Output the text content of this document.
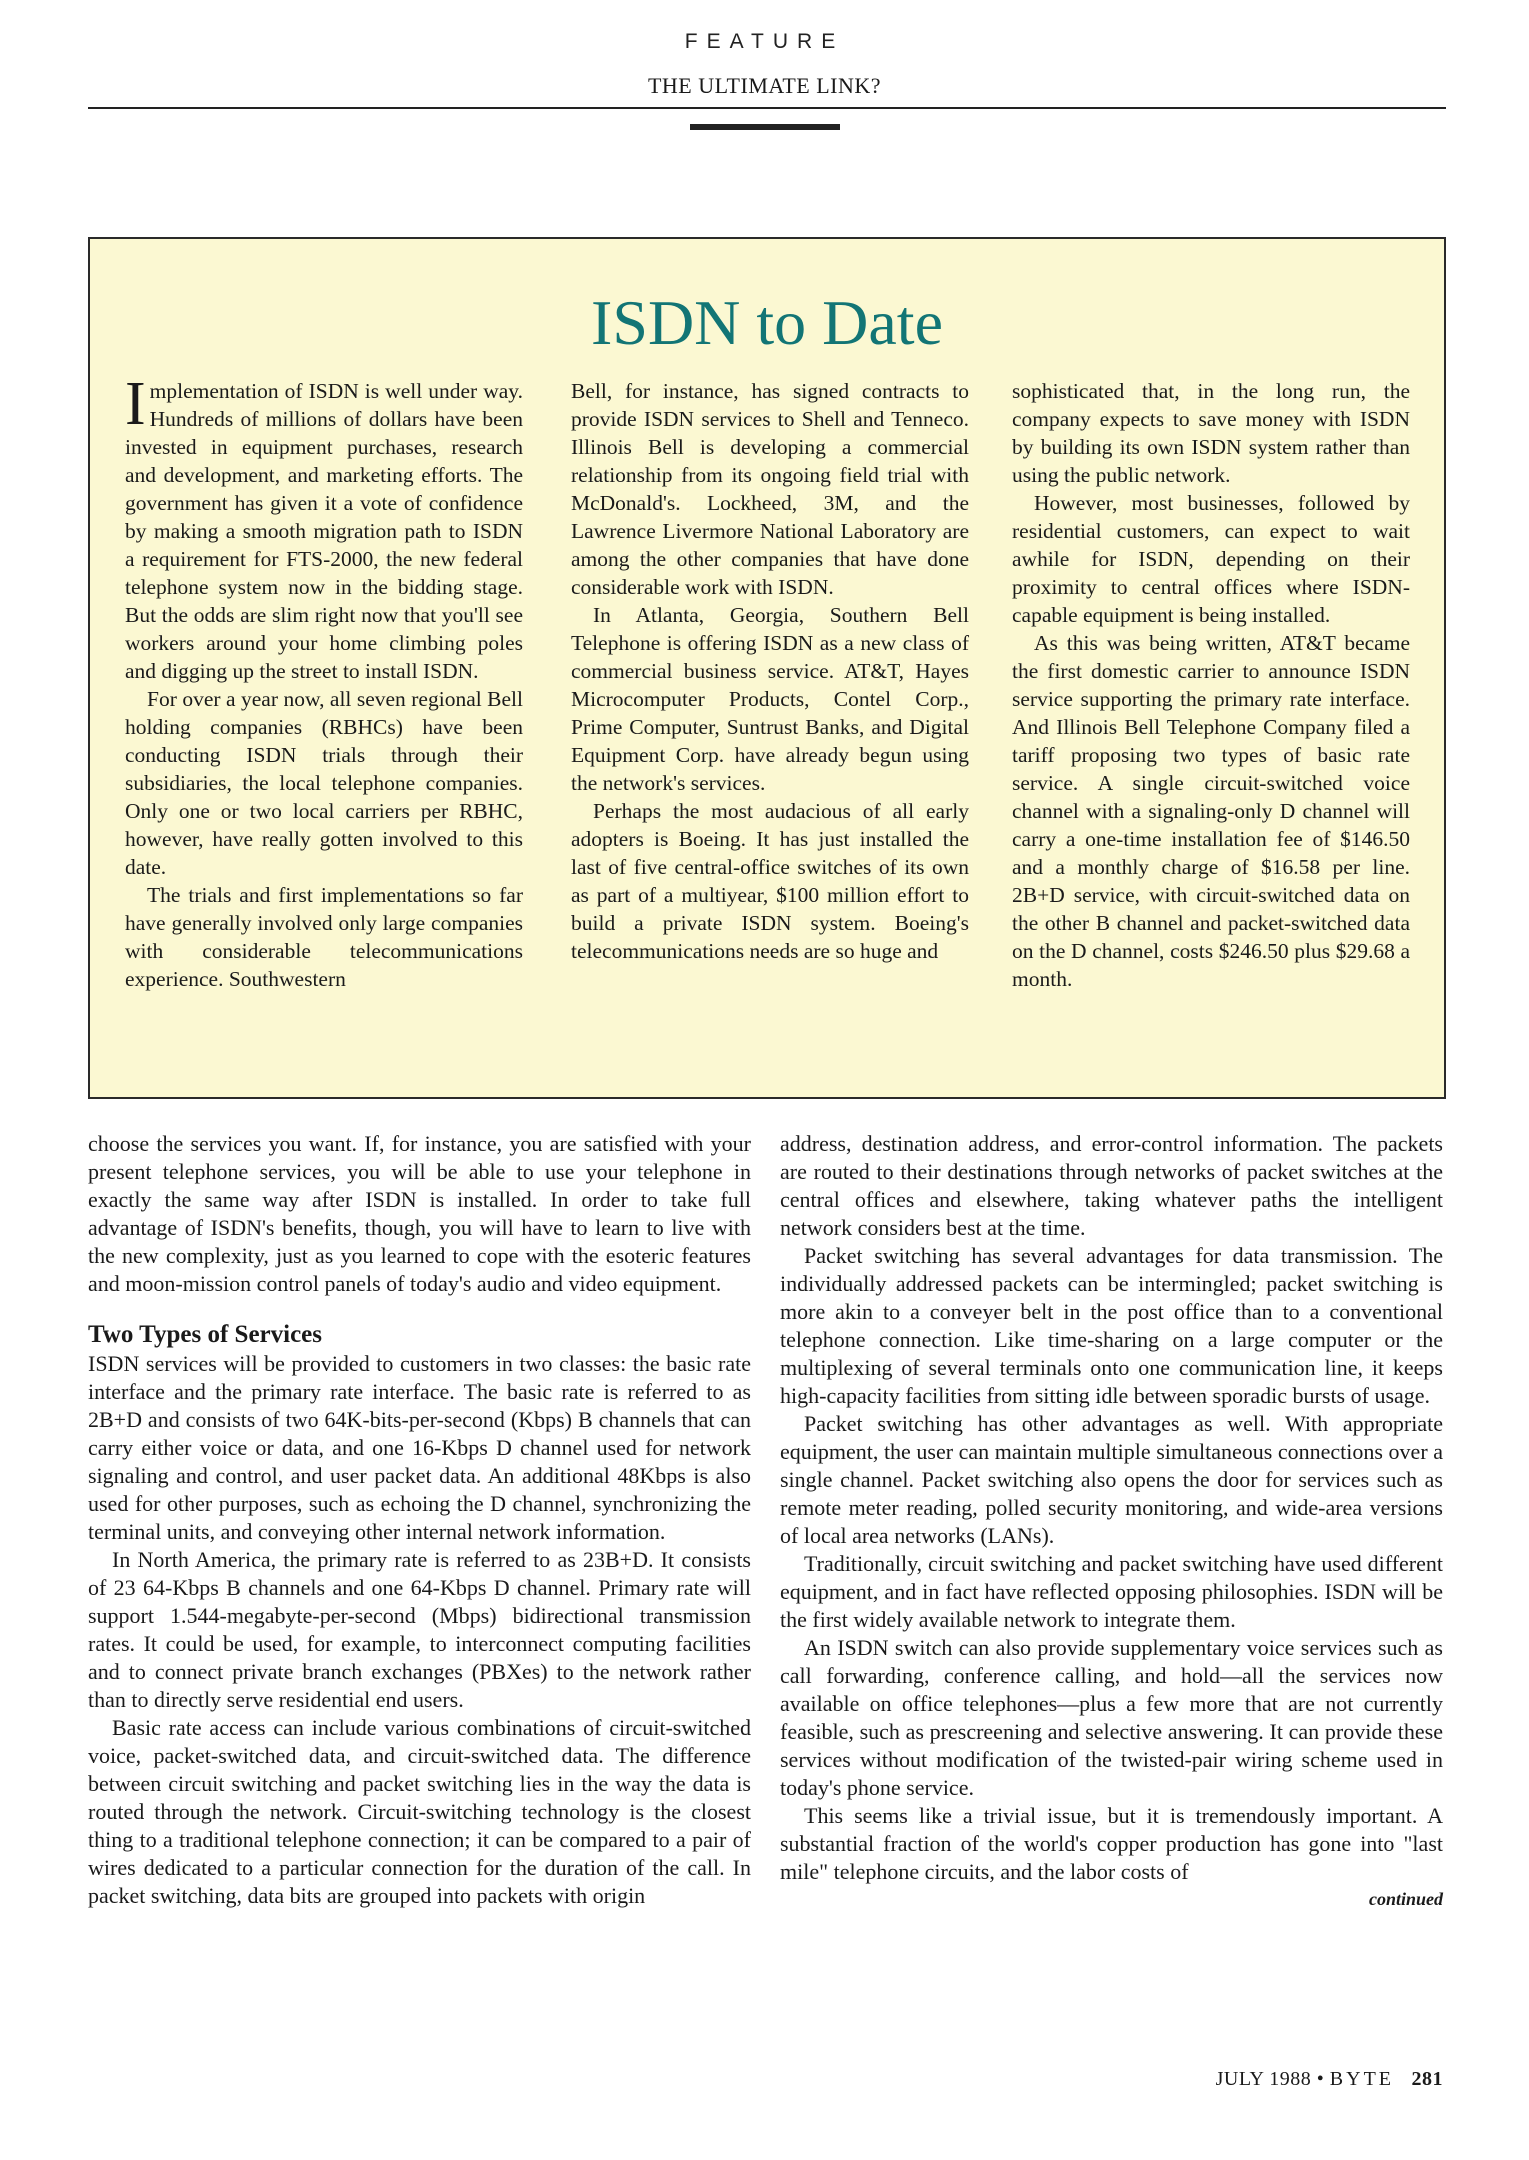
FEATURE
THE ULTIMATE LINK?
ISDN to Date

Implementation of ISDN is well under way. Hundreds of millions of dollars have been invested in equipment purchases, research and development, and marketing efforts. The government has given it a vote of confidence by making a smooth migration path to ISDN a requirement for FTS-2000, the new federal telephone system now in the bidding stage. But the odds are slim right now that you'll see workers around your home climbing poles and digging up the street to install ISDN.

For over a year now, all seven regional Bell holding companies (RBHCs) have been conducting ISDN trials through their subsidiaries, the local telephone companies. Only one or two local carriers per RBHC, however, have really gotten involved to this date.

The trials and first implementations so far have generally involved only large companies with considerable telecommunications experience. Southwestern

Bell, for instance, has signed contracts to provide ISDN services to Shell and Tenneco. Illinois Bell is developing a commercial relationship from its ongoing field trial with McDonald's. Lockheed, 3M, and the Lawrence Livermore National Laboratory are among the other companies that have done considerable work with ISDN.

In Atlanta, Georgia, Southern Bell Telephone is offering ISDN as a new class of commercial business service. AT&T, Hayes Microcomputer Products, Contel Corp., Prime Computer, Suntrust Banks, and Digital Equipment Corp. have already begun using the network's services.

Perhaps the most audacious of all early adopters is Boeing. It has just installed the last of five central-office switches of its own as part of a multiyear, $100 million effort to build a private ISDN system. Boeing's telecommunications needs are so huge and

sophisticated that, in the long run, the company expects to save money with ISDN by building its own ISDN system rather than using the public network.

However, most businesses, followed by residential customers, can expect to wait awhile for ISDN, depending on their proximity to central offices where ISDN-capable equipment is being installed.

As this was being written, AT&T became the first domestic carrier to announce ISDN service supporting the primary rate interface. And Illinois Bell Telephone Company filed a tariff proposing two types of basic rate service. A single circuit-switched voice channel with a signaling-only D channel will carry a one-time installation fee of $146.50 and a monthly charge of $16.58 per line. 2B+D service, with circuit-switched data on the other B channel and packet-switched data on the D channel, costs $246.50 plus $29.68 a month.

choose the services you want. If, for instance, you are satisfied with your present telephone services, you will be able to use your telephone in exactly the same way after ISDN is installed. In order to take full advantage of ISDN's benefits, though, you will have to learn to live with the new complexity, just as you learned to cope with the esoteric features and moon-mission control panels of today's audio and video equipment.

Two Types of Services

ISDN services will be provided to customers in two classes: the basic rate interface and the primary rate interface. The basic rate is referred to as 2B+D and consists of two 64K-bits-per-second (Kbps) B channels that can carry either voice or data, and one 16-Kbps D channel used for network signaling and control, and user packet data. An additional 48Kbps is also used for other purposes, such as echoing the D channel, synchronizing the terminal units, and conveying other internal network information.

In North America, the primary rate is referred to as 23B+D. It consists of 23 64-Kbps B channels and one 64-Kbps D channel. Primary rate will support 1.544-megabyte-per-second (Mbps) bidirectional transmission rates. It could be used, for example, to interconnect computing facilities and to connect private branch exchanges (PBXes) to the network rather than to directly serve residential end users.

Basic rate access can include various combinations of circuit-switched voice, packet-switched data, and circuit-switched data. The difference between circuit switching and packet switching lies in the way the data is routed through the network. Circuit-switching technology is the closest thing to a traditional telephone connection; it can be compared to a pair of wires dedicated to a particular connection for the duration of the call. In packet switching, data bits are grouped into packets with origin

address, destination address, and error-control information. The packets are routed to their destinations through networks of packet switches at the central offices and elsewhere, taking whatever paths the intelligent network considers best at the time.

Packet switching has several advantages for data transmission. The individually addressed packets can be intermingled; packet switching is more akin to a conveyer belt in the post office than to a conventional telephone connection. Like time-sharing on a large computer or the multiplexing of several terminals onto one communication line, it keeps high-capacity facilities from sitting idle between sporadic bursts of usage.

Packet switching has other advantages as well. With appropriate equipment, the user can maintain multiple simultaneous connections over a single channel. Packet switching also opens the door for services such as remote meter reading, polled security monitoring, and wide-area versions of local area networks (LANs).

Traditionally, circuit switching and packet switching have used different equipment, and in fact have reflected opposing philosophies. ISDN will be the first widely available network to integrate them.

An ISDN switch can also provide supplementary voice services such as call forwarding, conference calling, and hold—all the services now available on office telephones—plus a few more that are not currently feasible, such as prescreening and selective answering. It can provide these services without modification of the twisted-pair wiring scheme used in today's phone service.

This seems like a trivial issue, but it is tremendously important. A substantial fraction of the world's copper production has gone into "last mile" telephone circuits, and the labor costs of

continued
JULY 1988 • BYTE 281
